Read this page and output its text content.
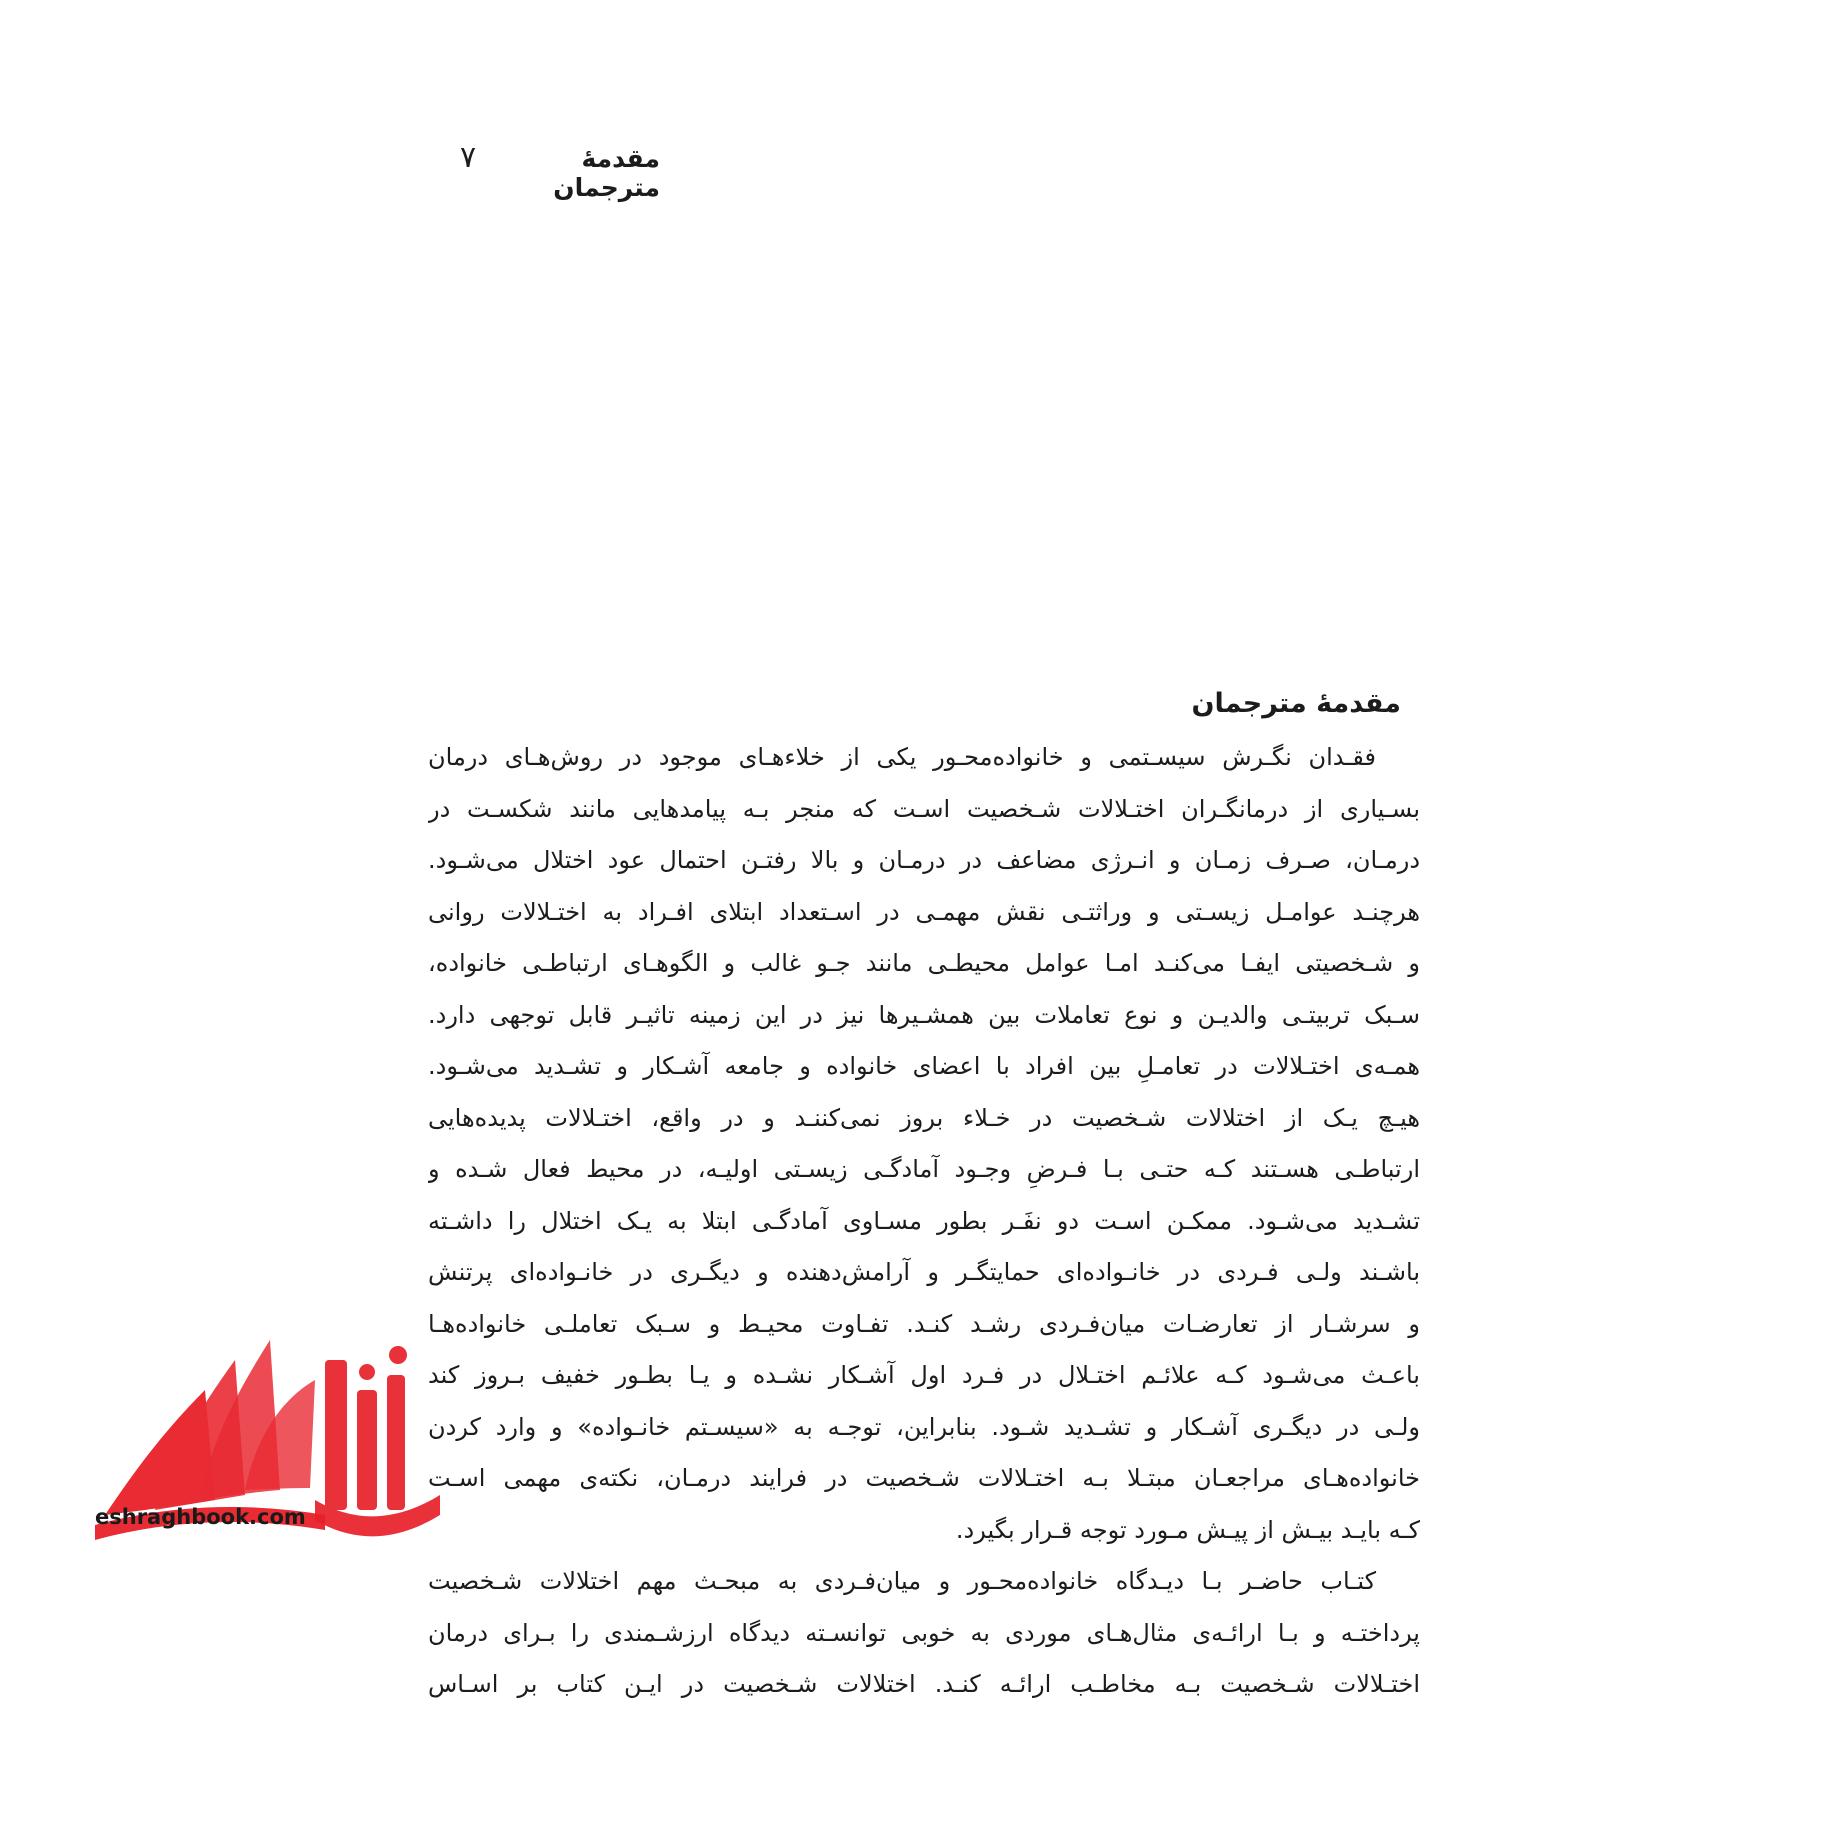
مقدمهٔ مترجمان
۷
مقدمهٔ مترجمان
فقـدان نگـرش سیسـتمی و خانواده‌محـور یکی از خلاءهـای موجود در روش‌هـای درمان
بسـیاری از درمانگـران اختـلالات شـخصیت اسـت که منجر بـه پیامدهایی مانند شکسـت در
درمـان، صـرف زمـان و انـرژی مضاعف در درمـان و بالا رفتـن احتمال عود اختلال می‌شـود.
هرچنـد عوامـل زیسـتی و وراثتـی نقش مهمـی در اسـتعداد ابتلای افـراد به اختـلالات روانی
و شـخصیتی ایفـا می‌کنـد امـا عوامل محیطـی مانند جـو غالب و الگوهـای ارتباطـی خانواده،
سـبک تربیتـی والدیـن و نوع تعاملات بین همشـیرها نیز در این زمینه تاثیـر قابل توجهی دارد.
همـه‌ی اختـلالات در تعامـلِ بین افراد با اعضای خانواده و جامعه آشـکار و تشـدید می‌شـود.
هیـچ یـک از اختلالات شـخصیت در خـلاء بروز نمی‌کننـد و در واقع، اختـلالات پدیده‌هایی
ارتباطـی هسـتند کـه حتـی بـا فـرضِ وجـود آمادگـی زیسـتی اولیـه، در محیط فعال شـده و
تشـدید می‌شـود. ممکـن اسـت دو نفَـر بطور مسـاوی آمادگـی ابتلا به یـک اختلال را داشـته
باشـند ولـی فـردی در خانـواده‌ای حمایتگـر و آرامش‌دهنده و دیگـری در خانـواده‌ای پرتنش
و سرشـار از تعارضـات میان‌فـردی رشـد کنـد. تفـاوت محیـط و سـبک تعاملـی خانواده‌هـا
باعـث می‌شـود کـه علائـم اختـلال در فـرد اول آشـکار نشـده و یـا بطـور خفیف بـروز کند
ولـی در دیگـری آشـکار و تشـدید شـود. بنابراین، توجـه به «سیسـتم خانـواده» و وارد کردن
خانواده‌هـای مراجعـان مبتـلا بـه اختـلالات شـخصیت در فرایند درمـان، نکته‌ی مهمی اسـت
کـه بایـد بیـش از پیـش مـورد توجه قـرار بگیرد.
کتـاب حاضـر بـا دیـدگاه خانواده‌محـور و میان‌فـردی به مبحـث مهم اختلالات شـخصیت
پرداختـه و بـا ارائـه‌ی مثال‌هـای موردی به خوبی توانسـته دیدگاه ارزشـمندی را بـرای درمان
اختـلالات شـخصیت بـه مخاطـب ارائـه کنـد. اختلالات شـخصیت در ایـن کتاب بر اسـاس
eshraghbook.com
